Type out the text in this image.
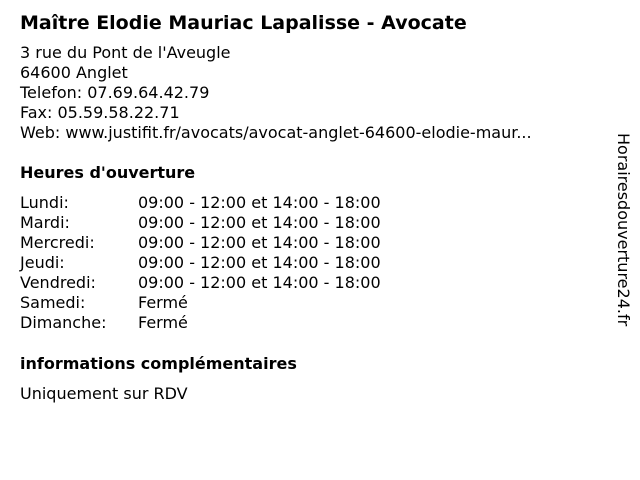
Maître Elodie Mauriac Lapalisse - Avocate
3 rue du Pont de l'Aveugle
64600 Anglet
Telefon: 07.69.64.42.79
Fax: 05.59.58.22.71
Web: www.justifit.fr/avocats/avocat-anglet-64600-elodie-maur...
Heures d'ouverture
Lundi:	09:00 - 12:00 et 14:00 - 18:00
Mardi:	09:00 - 12:00 et 14:00 - 18:00
Mercredi:	09:00 - 12:00 et 14:00 - 18:00
Jeudi:	09:00 - 12:00 et 14:00 - 18:00
Vendredi:	09:00 - 12:00 et 14:00 - 18:00
Samedi:	Fermé
Dimanche:	Fermé
informations complémentaires
Uniquement sur RDV
Horairesdouverture24.fr
